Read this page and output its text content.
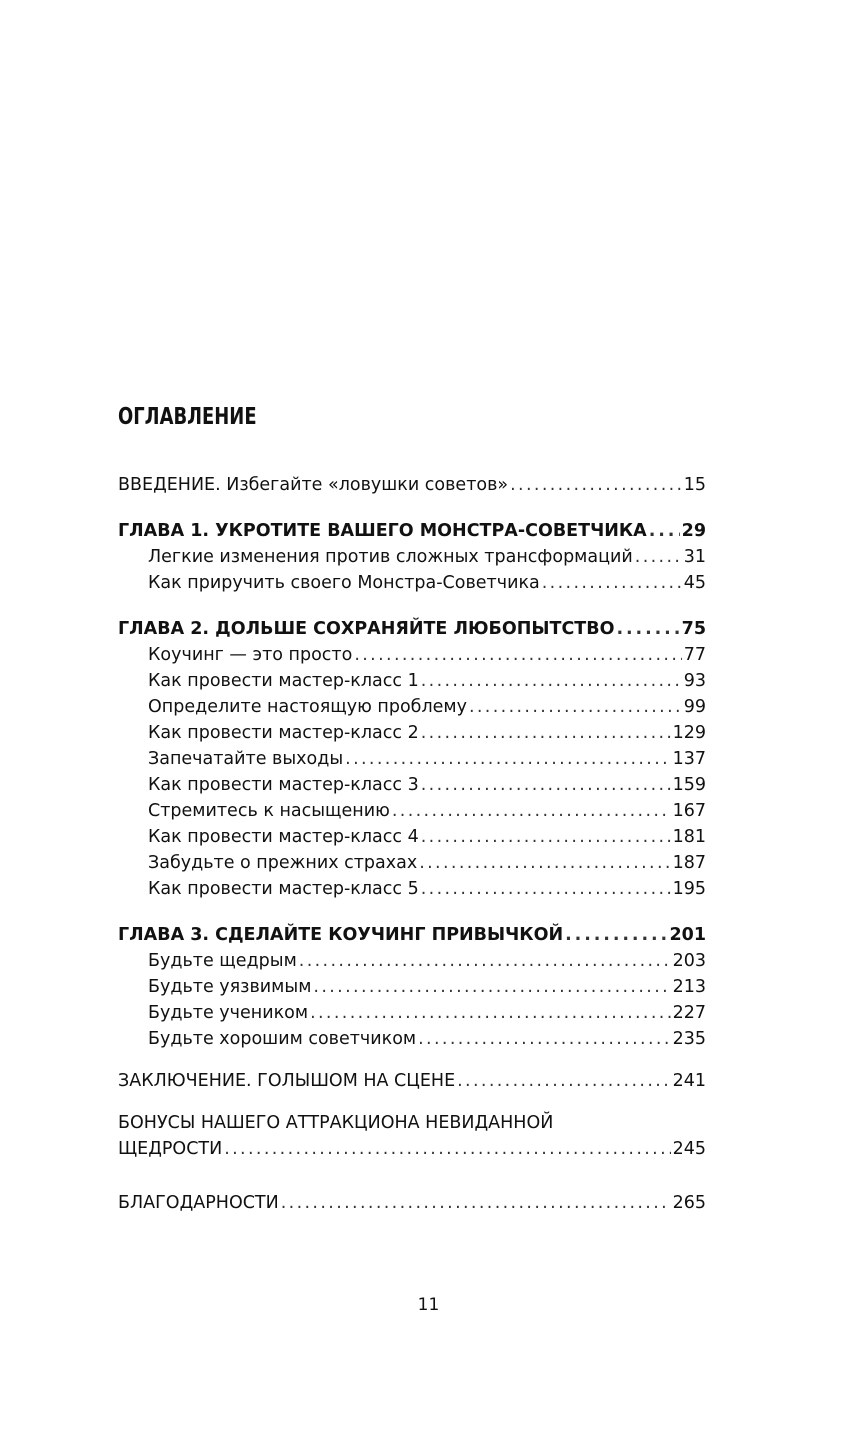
ОГЛАВЛЕНИЕ
ВВЕДЕНИЕ. Избегайте «ловушки советов» . . .	15
ГЛАВА 1. УКРОТИТЕ ВАШЕГО МОНСТРА-СОВЕТЧИКА . . . 29
Легкие изменения против сложных трансформаций . . .	31
Как приручить своего Монстра-Советчика . . .	45
ГЛАВА 2. ДОЛЬШЕ СОХРАНЯЙТЕ ЛЮБОПЫТСТВО . . .	75
Коучинг — это просто . . .	77
Как провести мастер-класс 1 . . .	93
Определите настоящую проблему . . .	99
Как провести мастер-класс 2 . . .	129
Запечатайте выходы . . .	137
Как провести мастер-класс 3 . . .	159
Стремитесь к насыщению . . .	167
Как провести мастер-класс 4 . . .	181
Забудьте о прежних страхах . . .	187
Как провести мастер-класс 5 . . .	195
ГЛАВА 3. СДЕЛАЙТЕ КОУЧИНГ ПРИВЫЧКОЙ . . .	201
Будьте щедрым . . .	203
Будьте уязвимым . . .	213
Будьте учеником . . .	227
Будьте хорошим советчиком . . .	235
ЗАКЛЮЧЕНИЕ. ГОЛЫШОМ НА СЦЕНЕ . . .	241
БОНУСЫ НАШЕГО АТТРАКЦИОНА НЕВИДАННОЙ
ЩЕДРОСТИ . . .	245
БЛАГОДАРНОСТИ . . .	265
11
